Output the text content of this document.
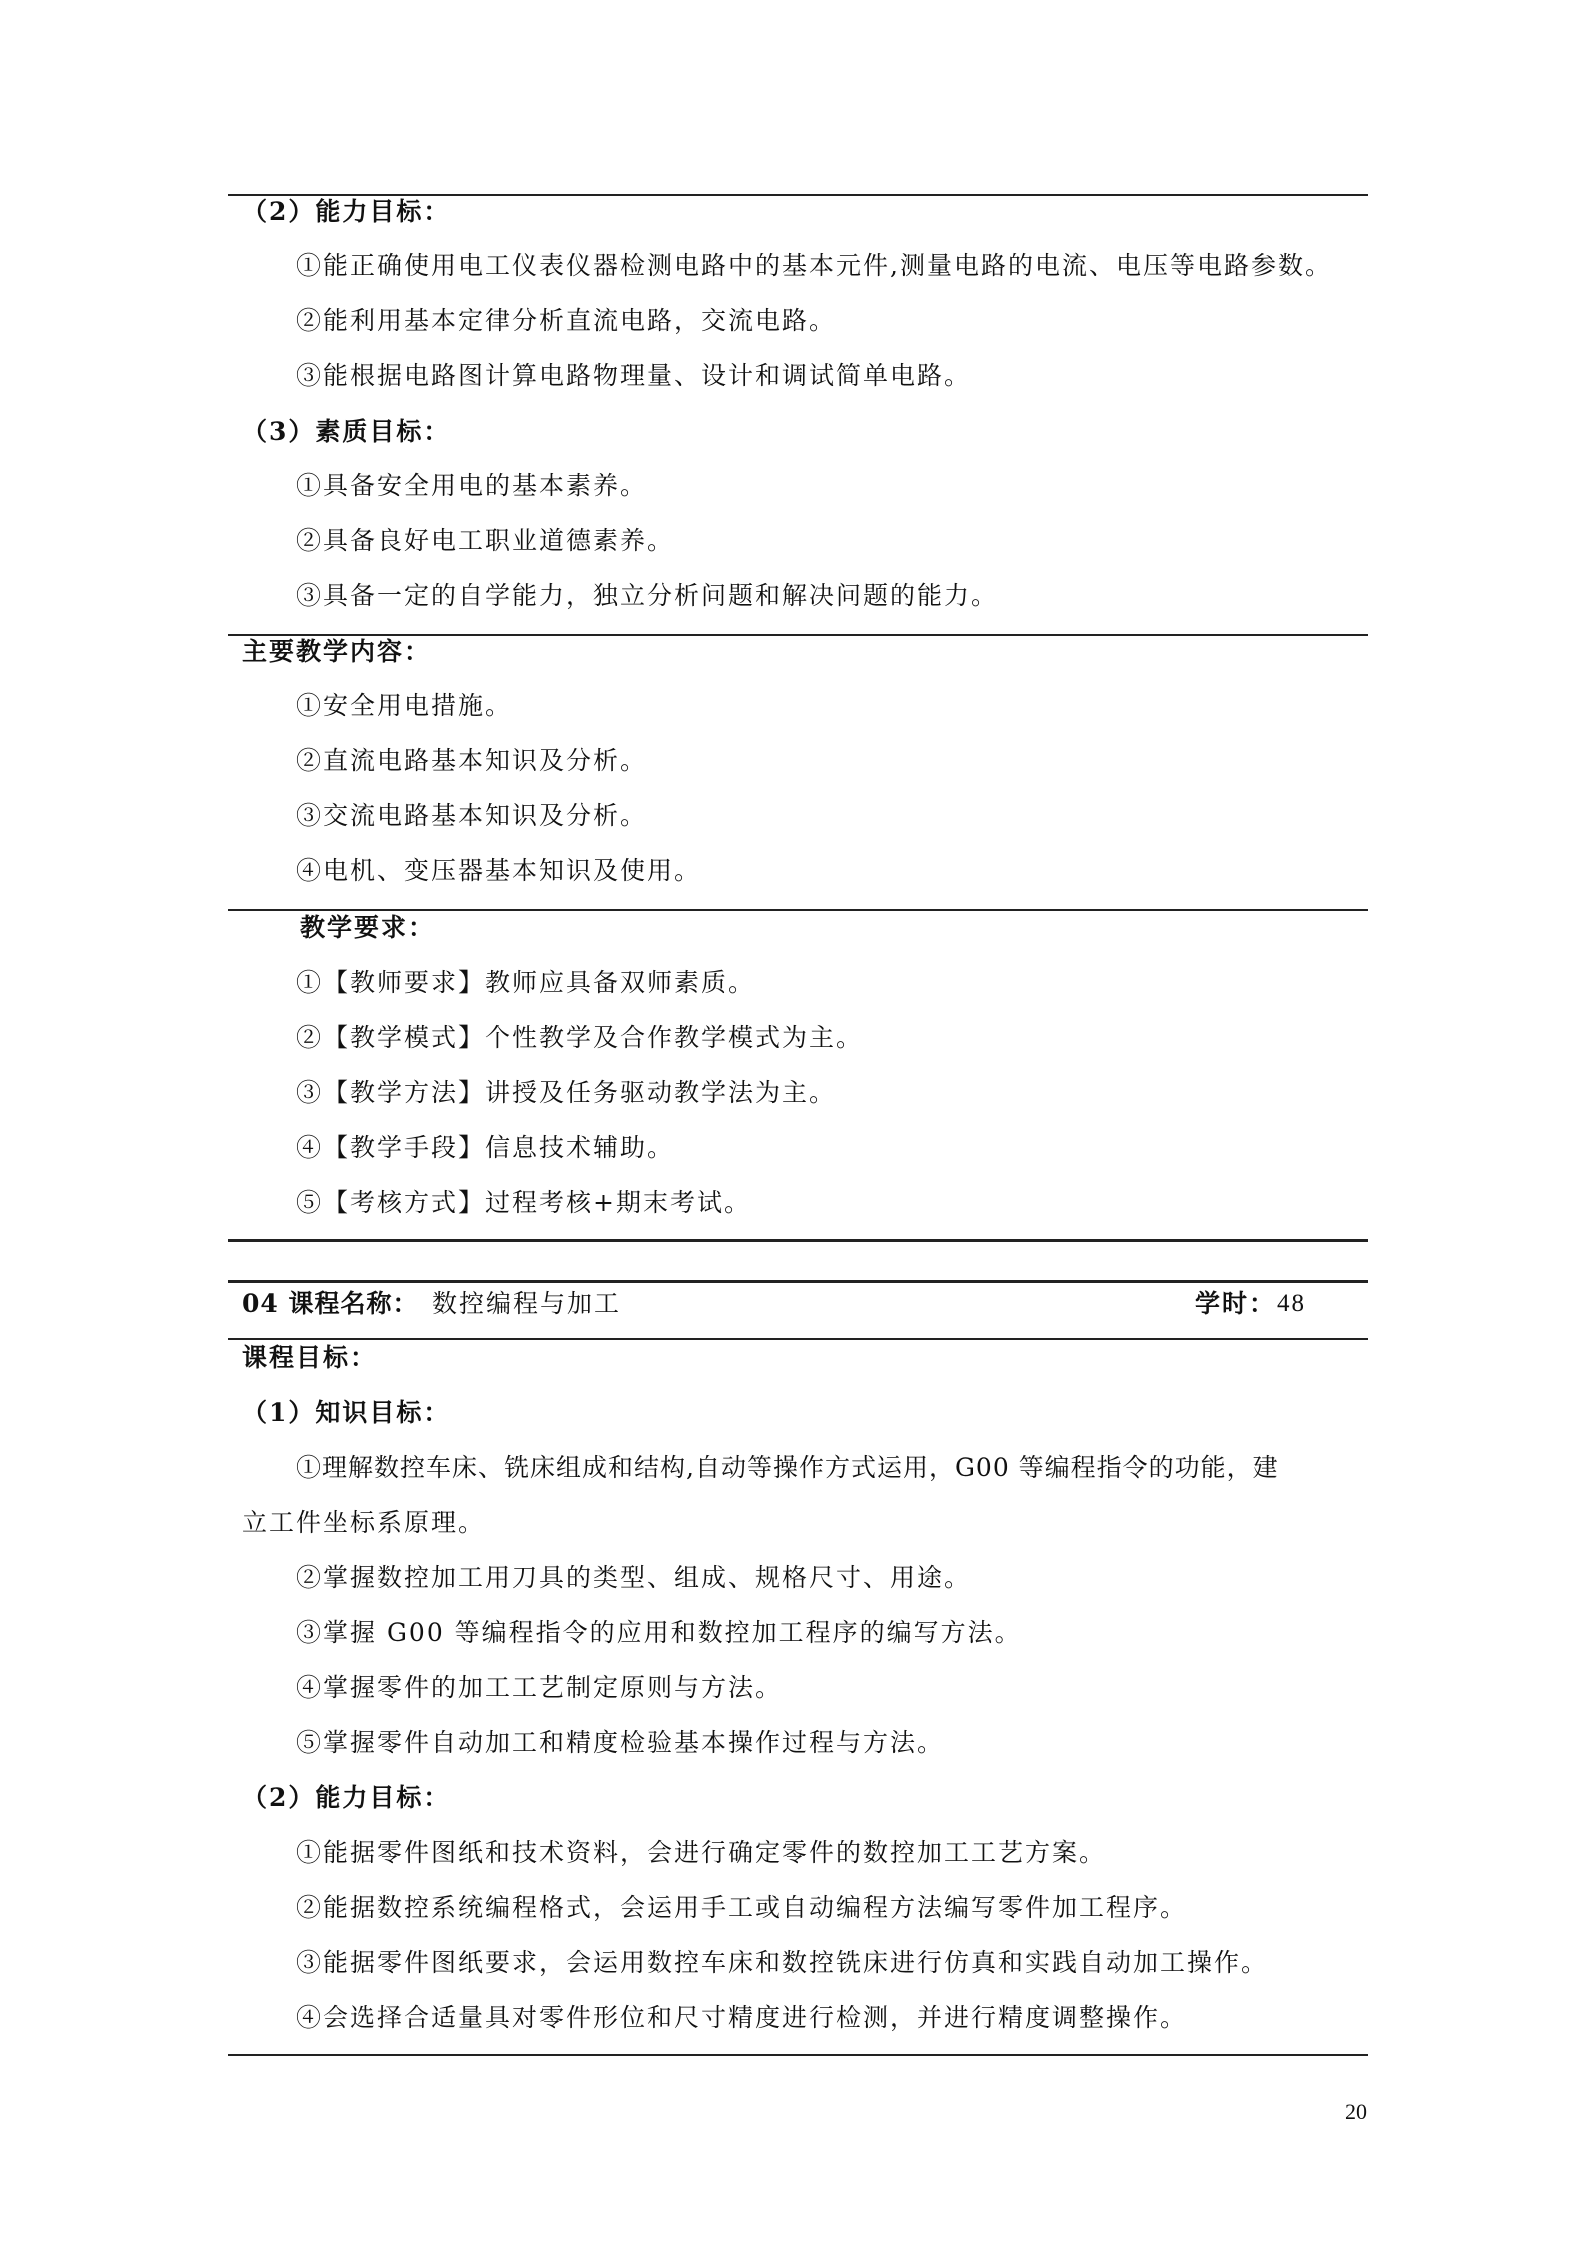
（2）能力目标：
①能正确使用电工仪表仪器检测电路中的基本元件,测量电路的电流、电压等电路参数。
②能利用基本定律分析直流电路，交流电路。
③能根据电路图计算电路物理量、设计和调试简单电路。
（3）素质目标：
①具备安全用电的基本素养。
②具备良好电工职业道德素养。
③具备一定的自学能力，独立分析问题和解决问题的能力。
主要教学内容：
①安全用电措施。
②直流电路基本知识及分析。
③交流电路基本知识及分析。
④电机、变压器基本知识及使用。
教学要求：
①【教师要求】教师应具备双师素质。
②【教学模式】个性教学及合作教学模式为主。
③【教学方法】讲授及任务驱动教学法为主。
④【教学手段】信息技术辅助。
⑤【考核方式】过程考核+期末考试。
04 课程名称： 数控编程与加工	学时： 48
课程目标：
（1）知识目标：
①理解数控车床、铣床组成和结构,自动等操作方式运用，G00 等编程指令的功能，建
立工件坐标系原理。
②掌握数控加工用刀具的类型、组成、规格尺寸、用途。
③掌握 G00 等编程指令的应用和数控加工程序的编写方法。
④掌握零件的加工工艺制定原则与方法。
⑤掌握零件自动加工和精度检验基本操作过程与方法。
（2）能力目标：
①能据零件图纸和技术资料，会进行确定零件的数控加工工艺方案。
②能据数控系统编程格式，会运用手工或自动编程方法编写零件加工程序。
③能据零件图纸要求，会运用数控车床和数控铣床进行仿真和实践自动加工操作。
④会选择合适量具对零件形位和尺寸精度进行检测，并进行精度调整操作。
20
